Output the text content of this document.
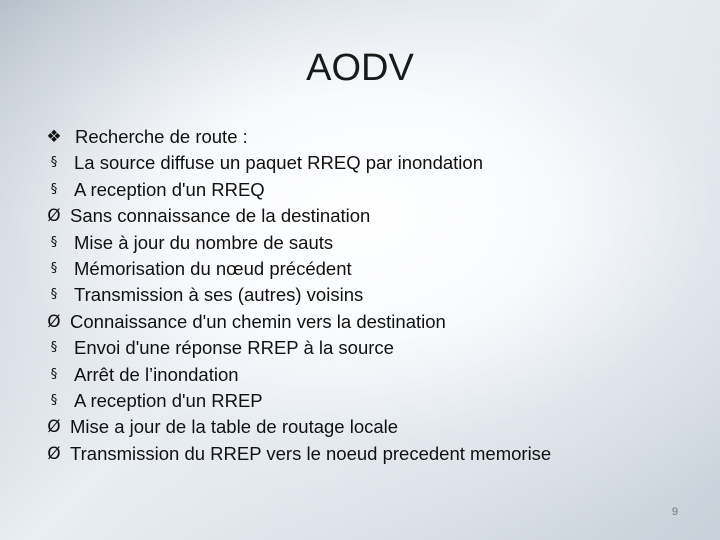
AODV
❖ Recherche de route :
§ La source diffuse un paquet RREQ par inondation
§ A reception d'un RREQ
Ø Sans connaissance de la destination
§ Mise à jour du nombre de sauts
§ Mémorisation du nœud précédent
§ Transmission à ses (autres) voisins
Ø Connaissance d'un chemin vers la destination
§ Envoi d'une réponse RREP à la source
§ Arrêt de l’inondation
§ A reception d'un RREP
Ø Mise a jour de la table de routage locale
Ø Transmission du RREP vers le noeud precedent memorise
9
